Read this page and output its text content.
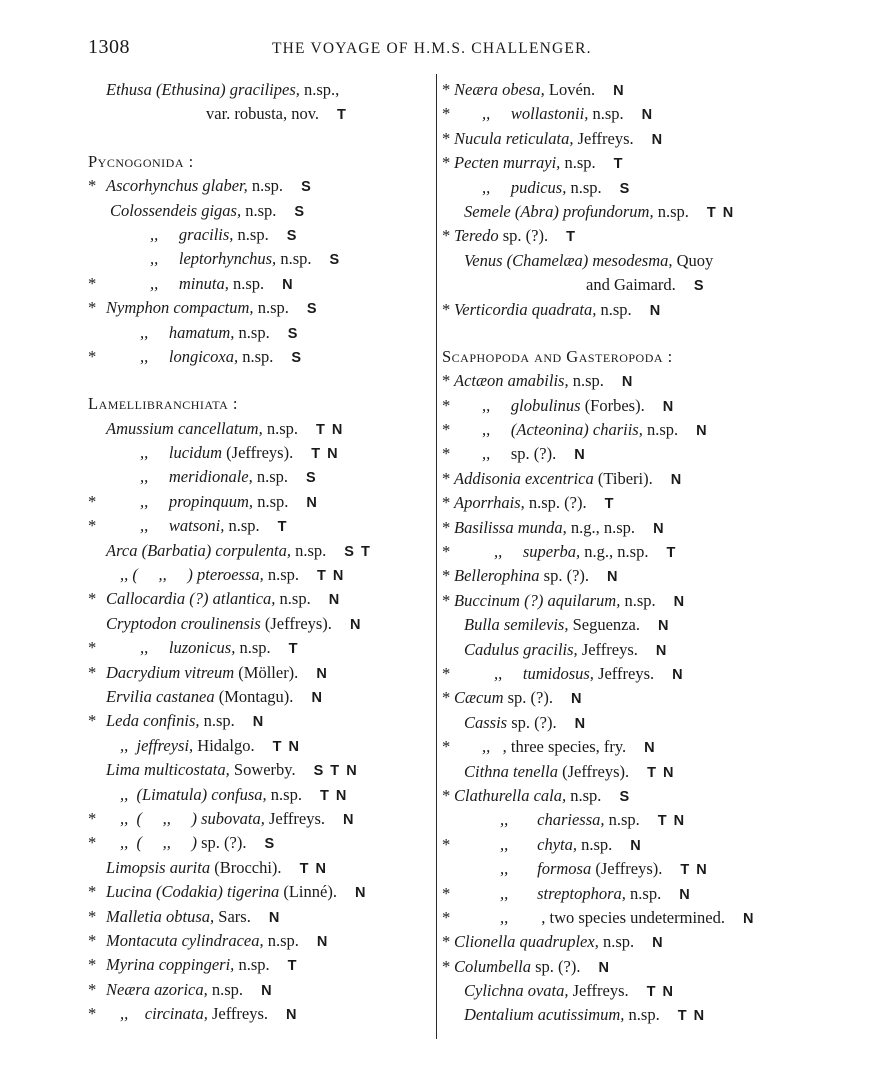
1308	THE VOYAGE OF H.M.S. CHALLENGER.
Ethusa (Ethusina) gracilipes, n.sp.,
var. robusta, nov. T
Pycnogonida :
* Ascorhynchus glaber, n.sp. S
Colossendeis gigas, n.sp. S
,,     gracilis, n.sp. S
,,     leptorhynchus, n.sp. S
*	,,     minuta, n.sp. N
* Nymphon compactum, n.sp. S
,,     hamatum, n.sp. S
*	,,     longicoxa, n.sp. S
Lamellibranchiata :
Amussium cancellatum, n.sp. T N
,,     lucidum (Jeffreys). T N
,,     meridionale, n.sp. S
*	,,     propinquum, n.sp. N
*	,,     watsoni, n.sp. T
Arca (Barbatia) corpulenta, n.sp. S T
,, (     ,,     ) pteroessa, n.sp. T N
* Callocardia (?) atlantica, n.sp. N
Cryptodon croulinensis (Jeffreys). N
*	,,     luzonicus, n.sp. T
* Dacrydium vitreum (Möller). N
Ervilia castanea (Montagu). N
* Leda confinis, n.sp. N
,,  jeffreysi, Hidalgo. T N
Lima multicostata, Sowerby. S T N
,,  (Limatula) confusa, n.sp. T N
* ,,  (     ,,     ) subovata, Jeffreys. N
* ,,  (     ,,     ) sp. (?). S
Limopsis aurita (Brocchi). T N
* Lucina (Codakia) tigerina (Linné). N
* Malletia obtusa, Sars. N
* Montacuta cylindracea, n.sp. N
* Myrina coppingeri, n.sp. T
* Neæra azorica, n.sp. N
* ,,    circinata, Jeffreys. N
* Neæra obesa, Lovén. N
* ,,     wollastonii, n.sp. N
* Nucula reticulata, Jeffreys. N
* Pecten murrayi, n.sp. T
,,     pudicus, n.sp. S
Semele (Abra) profundorum, n.sp. T N
* Teredo sp. (?). T
Venus (Chamelæa) mesodesma, Quoy
and Gaimard. S
* Verticordia quadrata, n.sp. N
Scaphopoda and Gasteropoda :
* Actæon amabilis, n.sp. N
* ,,     globulinus (Forbes). N
* ,,     (Acteonina) chariis, n.sp. N
* ,,     sp. (?). N
* Addisonia excentrica (Tiberi). N
* Aporrhais, n.sp. (?). T
* Basilissa munda, n.g., n.sp. N
*	,,     superba, n.g., n.sp. T
* Bellerophina sp. (?). N
* Buccinum (?) aquilarum, n.sp. N
Bulla semilevis, Seguenza. N
Cadulus gracilis, Jeffreys. N
*	,,     tumidosus, Jeffreys. N
* Cæcum sp. (?). N
Cassis sp. (?). N
* ,,   , three species, fry. N
Cithna tenella (Jeffreys). T N
* Clathurella cala, n.sp. S
,,       chariessa, n.sp. T N
*	,,       chyta, n.sp. N
,,       formosa (Jeffreys). T N
*	,,       streptophora, n.sp. N
*	,,        , two species undetermined. N
* Clionella quadruplex, n.sp. N
* Columbella sp. (?). N
Cylichna ovata, Jeffreys. T N
Dentalium acutissimum, n.sp. T N
